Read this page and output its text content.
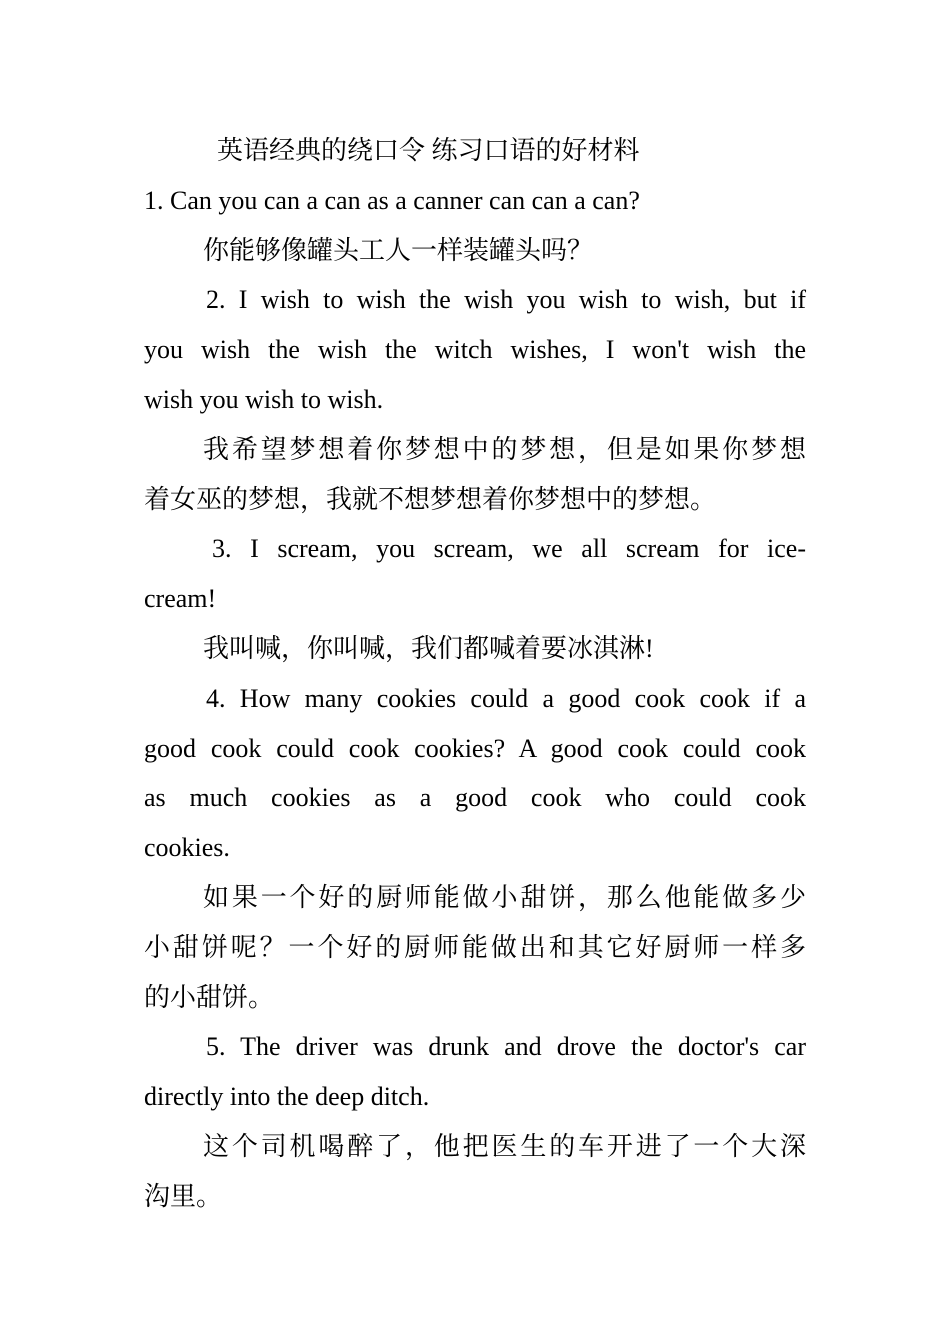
英语经典的绕口令 练习口语的好材料
1. Can you can a can as a canner can can a can?
你能够像罐头工人一样装罐头吗？
2. I wish to wish the wish you wish to wish, but if
you wish the wish the witch wishes, I won't wish the
wish you wish to wish.
我希望梦想着你梦想中的梦想，但是如果你梦想
着女巫的梦想，我就不想梦想着你梦想中的梦想。
3. I scream, you scream, we all scream for ice-
cream!
我叫喊，你叫喊，我们都喊着要冰淇淋!
4. How many cookies could a good cook cook if a
good cook could cook cookies? A good cook could cook
as much cookies as a good cook who could cook
cookies.
如果一个好的厨师能做小甜饼，那么他能做多少
小甜饼呢？一个好的厨师能做出和其它好厨师一样多
的小甜饼。
5. The driver was drunk and drove the doctor's car
directly into the deep ditch.
这个司机喝醉了，他把医生的车开进了一个大深
沟里。
